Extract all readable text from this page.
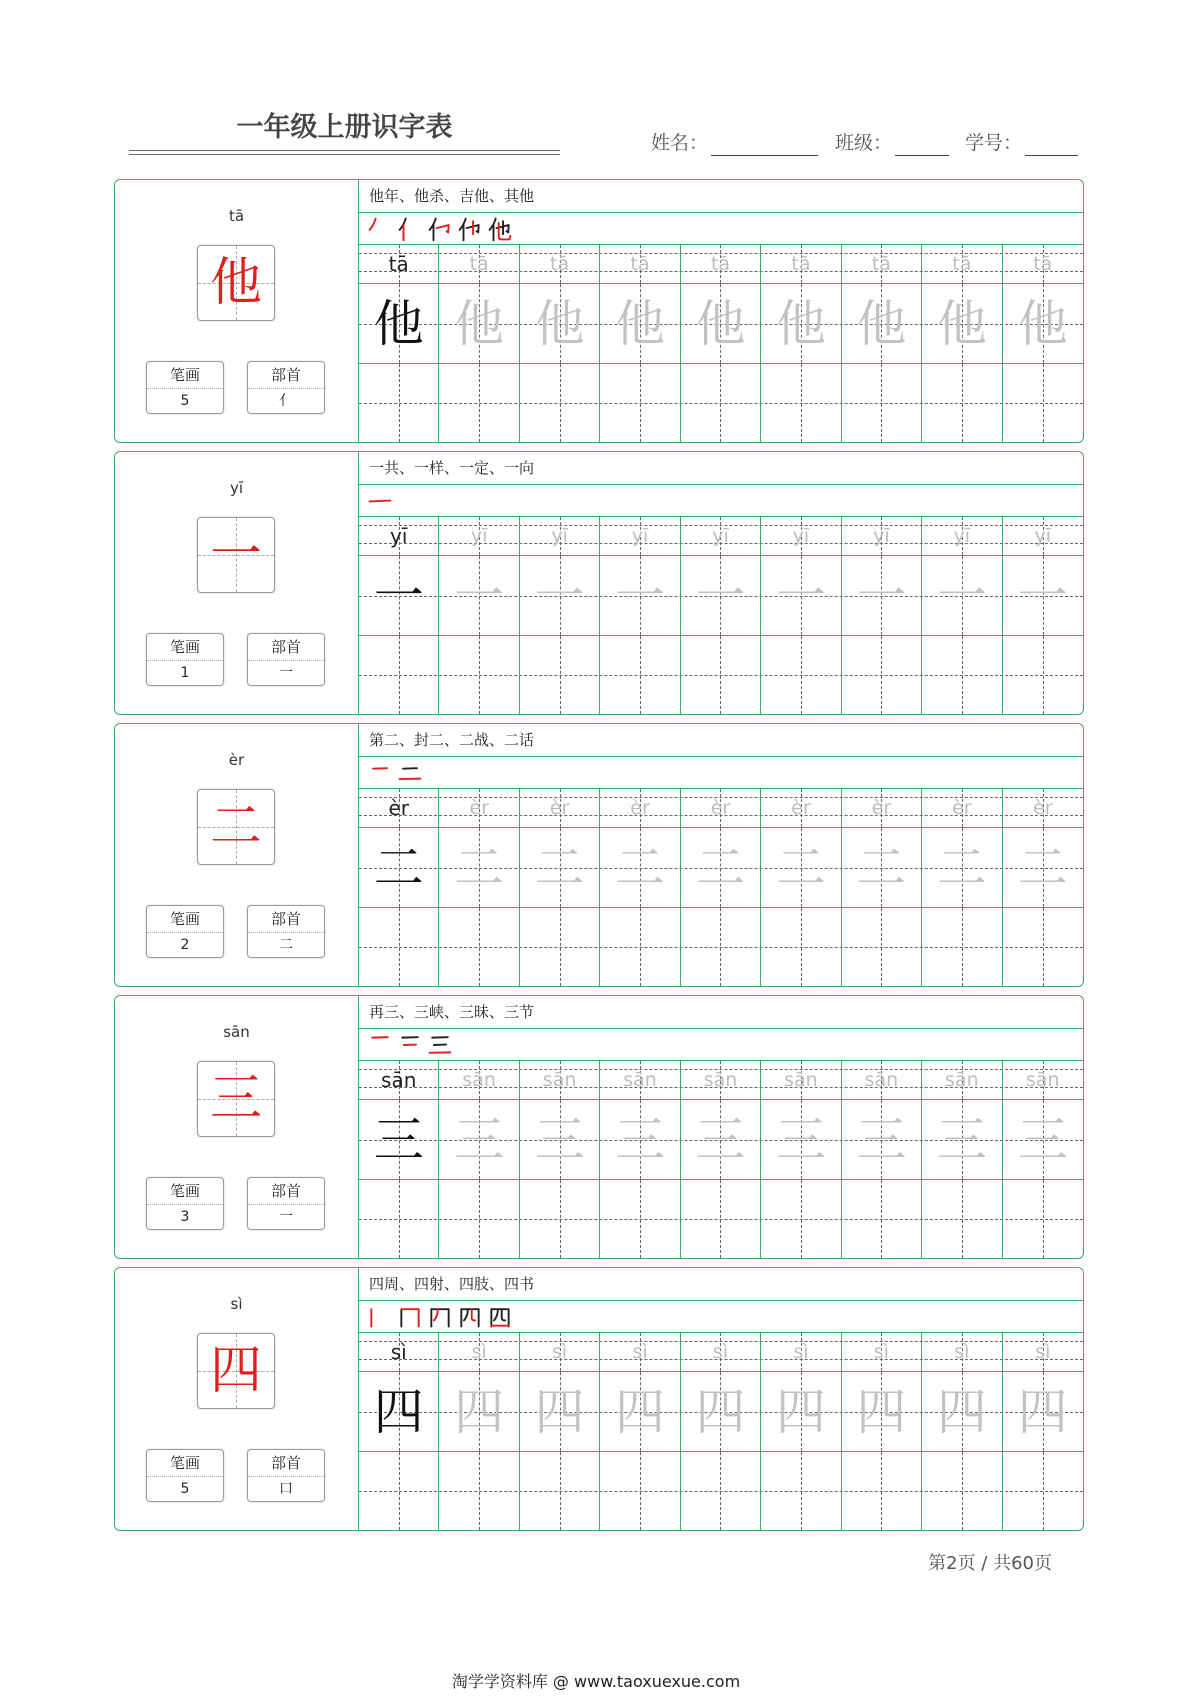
一年级上册识字表	姓名：	班级：	学号：
tā
他
笔画
5
部首
亻
他年、他杀、吉他、其他
tā	tā	tā	tā	tā	tā	tā	tā	tā
他 他 他 他 他 他 他 他 他
yī
一
笔画
1
部首
一
一共、一样、一定、一向
yī	yī	yī	yī	yī	yī	yī	yī	yī
一 一 一 一 一 一 一 一 一
èr
二
笔画
2
部首
二
第二、封二、二战、二话
èr	èr	èr	èr	èr	èr	èr	èr	èr
二 二 二 二 二 二 二 二 二
sān
三
笔画
3
部首
一
再三、三峡、三昧、三节
sān sān sān sān sān sān sān sān sān
三 三 三 三 三 三 三 三 三
sì
四
笔画
5
部首
口
四周、四射、四肢、四书
sì	sì	sì	sì	sì	sì	sì	sì	sì
四 四 四 四 四 四 四 四 四
第2页 / 共60页
淘学学资料库 @ www.taoxuexue.com
